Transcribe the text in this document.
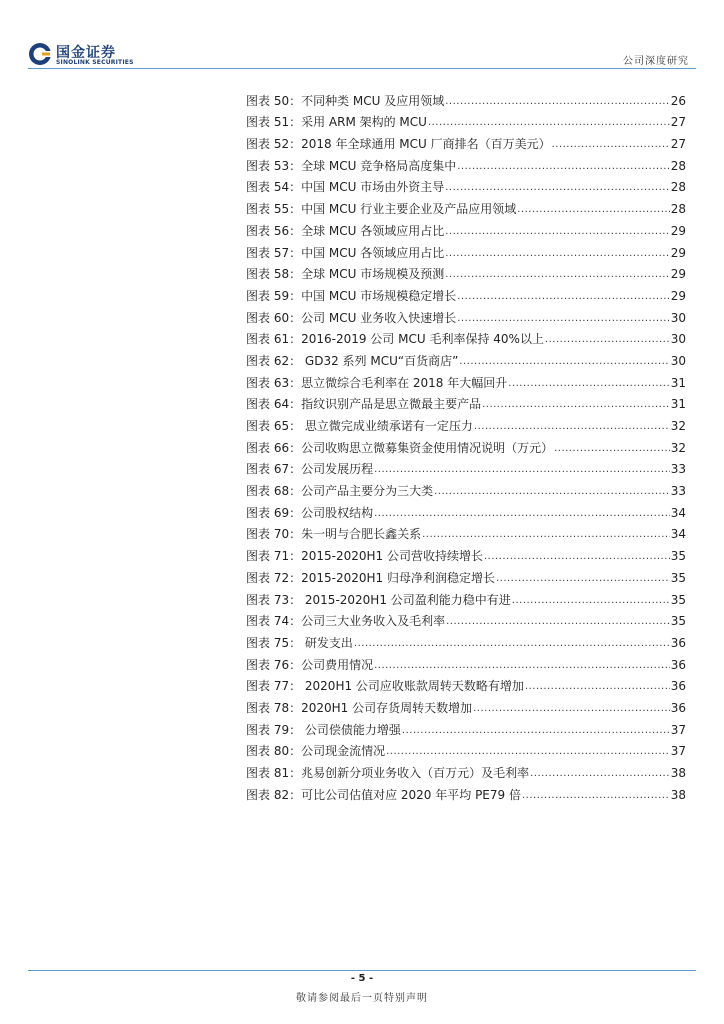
国金证券
SINOLINK SECURITIES	公司深度研究
图表 50：不同种类 MCU 及应用领域 .....	26
图表 51：采用 ARM 架构的 MCU .....	27
图表 52：2018 年全球通用 MCU 厂商排名（百万美元） .....	27
图表 53：全球 MCU 竞争格局高度集中 .....	28
图表 54：中国 MCU 市场由外资主导 .....	28
图表 55：中国 MCU 行业主要企业及产品应用领域 .....	28
图表 56：全球 MCU 各领域应用占比 .....	29
图表 57：中国 MCU 各领域应用占比 .....	29
图表 58：全球 MCU 市场规模及预测 .....	29
图表 59：中国 MCU 市场规模稳定增长 .....	29
图表 60：公司 MCU 业务收入快速增长 .....	30
图表 61：2016-2019 公司 MCU 毛利率保持 40%以上 .....	30
图表 62： GD32 系列 MCU“百货商店” .....	30
图表 63：思立微综合毛利率在 2018 年大幅回升 .....	31
图表 64：指纹识别产品是思立微最主要产品 .....	31
图表 65： 思立微完成业绩承诺有一定压力 .....	32
图表 66：公司收购思立微募集资金使用情况说明（万元） .....	32
图表 67：公司发展历程 .....	33
图表 68：公司产品主要分为三大类 .....	33
图表 69：公司股权结构 .....	34
图表 70：朱一明与合肥长鑫关系 .....	34
图表 71：2015-2020H1 公司营收持续增长 .....	35
图表 72：2015-2020H1 归母净利润稳定增长 .....	35
图表 73： 2015-2020H1 公司盈利能力稳中有进 .....	35
图表 74：公司三大业务收入及毛利率 .....	35
图表 75： 研发支出 .....	36
图表 76：公司费用情况 .....	36
图表 77： 2020H1 公司应收账款周转天数略有增加 .....	36
图表 78：2020H1 公司存货周转天数增加 .....	36
图表 79： 公司偿债能力增强 .....	37
图表 80：公司现金流情况 .....	37
图表 81：兆易创新分项业务收入（百万元）及毛利率 .....	38
图表 82：可比公司估值对应 2020 年平均 PE79 倍 .....	38
- 5 -
敬请参阅最后一页特别声明
